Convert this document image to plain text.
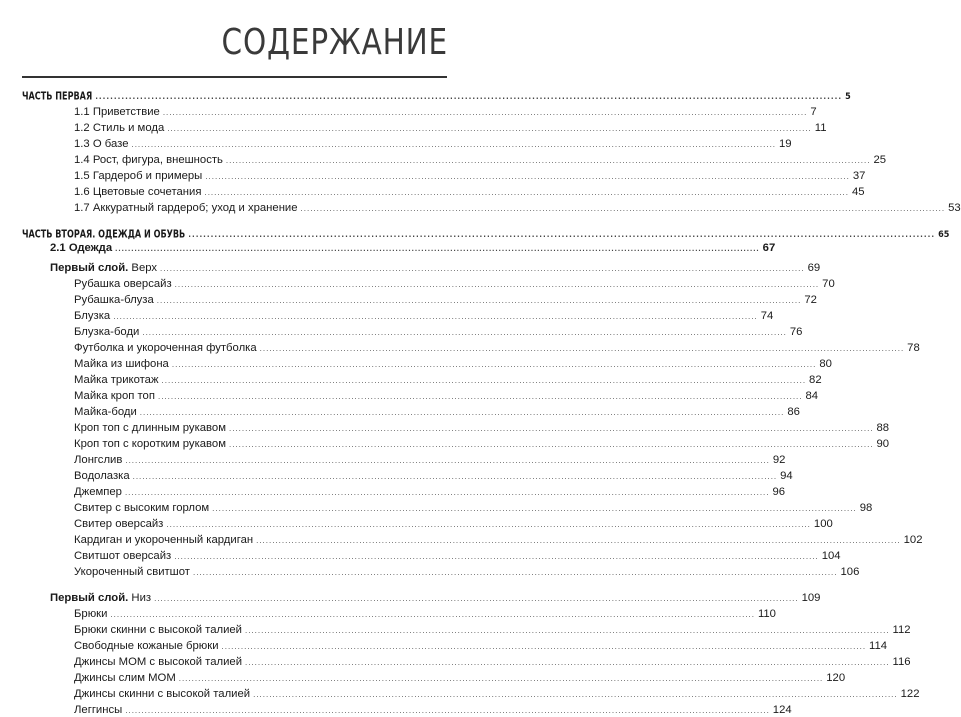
СОДЕРЖАНИЕ
ЧАСТЬ ПЕРВАЯ ........................................................................................................................................................................................................ 5
1.1 Приветствие ........................................................................................................................................................................................................ 7
1.2 Стиль и мода ........................................................................................................................................................................................................ 11
1.3 О базе ........................................................................................................................................................................................................ 19
1.4 Рост, фигура, внешность ........................................................................................................................................................................................................ 25
1.5 Гардероб и примеры ........................................................................................................................................................................................................ 37
1.6 Цветовые сочетания ........................................................................................................................................................................................................ 45
1.7 Аккуратный гардероб; уход и хранение ........................................................................................................................................................................................................ 53
ЧАСТЬ ВТОРАЯ. ОДЕЖДА И ОБУВЬ ........................................................................................................................................................................................................ 65
2.1 Одежда ........................................................................................................................................................................................................ 67
Первый слой. Верх ........................................................................................................................................................................................................ 69
Рубашка оверсайз ........................................................................................................................................................................................................ 70
Рубашка-блуза ........................................................................................................................................................................................................ 72
Блузка ........................................................................................................................................................................................................ 74
Блузка-боди ........................................................................................................................................................................................................ 76
Футболка и укороченная футболка ........................................................................................................................................................................................................ 78
Майка из шифона ........................................................................................................................................................................................................ 80
Майка трикотаж ........................................................................................................................................................................................................ 82
Майка кроп топ ........................................................................................................................................................................................................ 84
Майка-боди ........................................................................................................................................................................................................ 86
Кроп топ с длинным рукавом ........................................................................................................................................................................................................ 88
Кроп топ с коротким рукавом ........................................................................................................................................................................................................ 90
Лонгслив ........................................................................................................................................................................................................ 92
Водолазка ........................................................................................................................................................................................................ 94
Джемпер ........................................................................................................................................................................................................ 96
Свитер с высоким горлом ........................................................................................................................................................................................................ 98
Свитер оверсайз ........................................................................................................................................................................................................ 100
Кардиган и укороченный кардиган ........................................................................................................................................................................................................ 102
Свитшот оверсайз ........................................................................................................................................................................................................ 104
Укороченный свитшот ........................................................................................................................................................................................................ 106
Первый слой. Низ ........................................................................................................................................................................................................ 109
Брюки ........................................................................................................................................................................................................ 110
Брюки скинни с высокой талией ........................................................................................................................................................................................................ 112
Свободные кожаные брюки ........................................................................................................................................................................................................ 114
Джинсы MOM с высокой талией ........................................................................................................................................................................................................ 116
Джинсы слим MOM ........................................................................................................................................................................................................ 120
Джинсы скинни с высокой талией ........................................................................................................................................................................................................ 122
Леггинсы ........................................................................................................................................................................................................ 124
